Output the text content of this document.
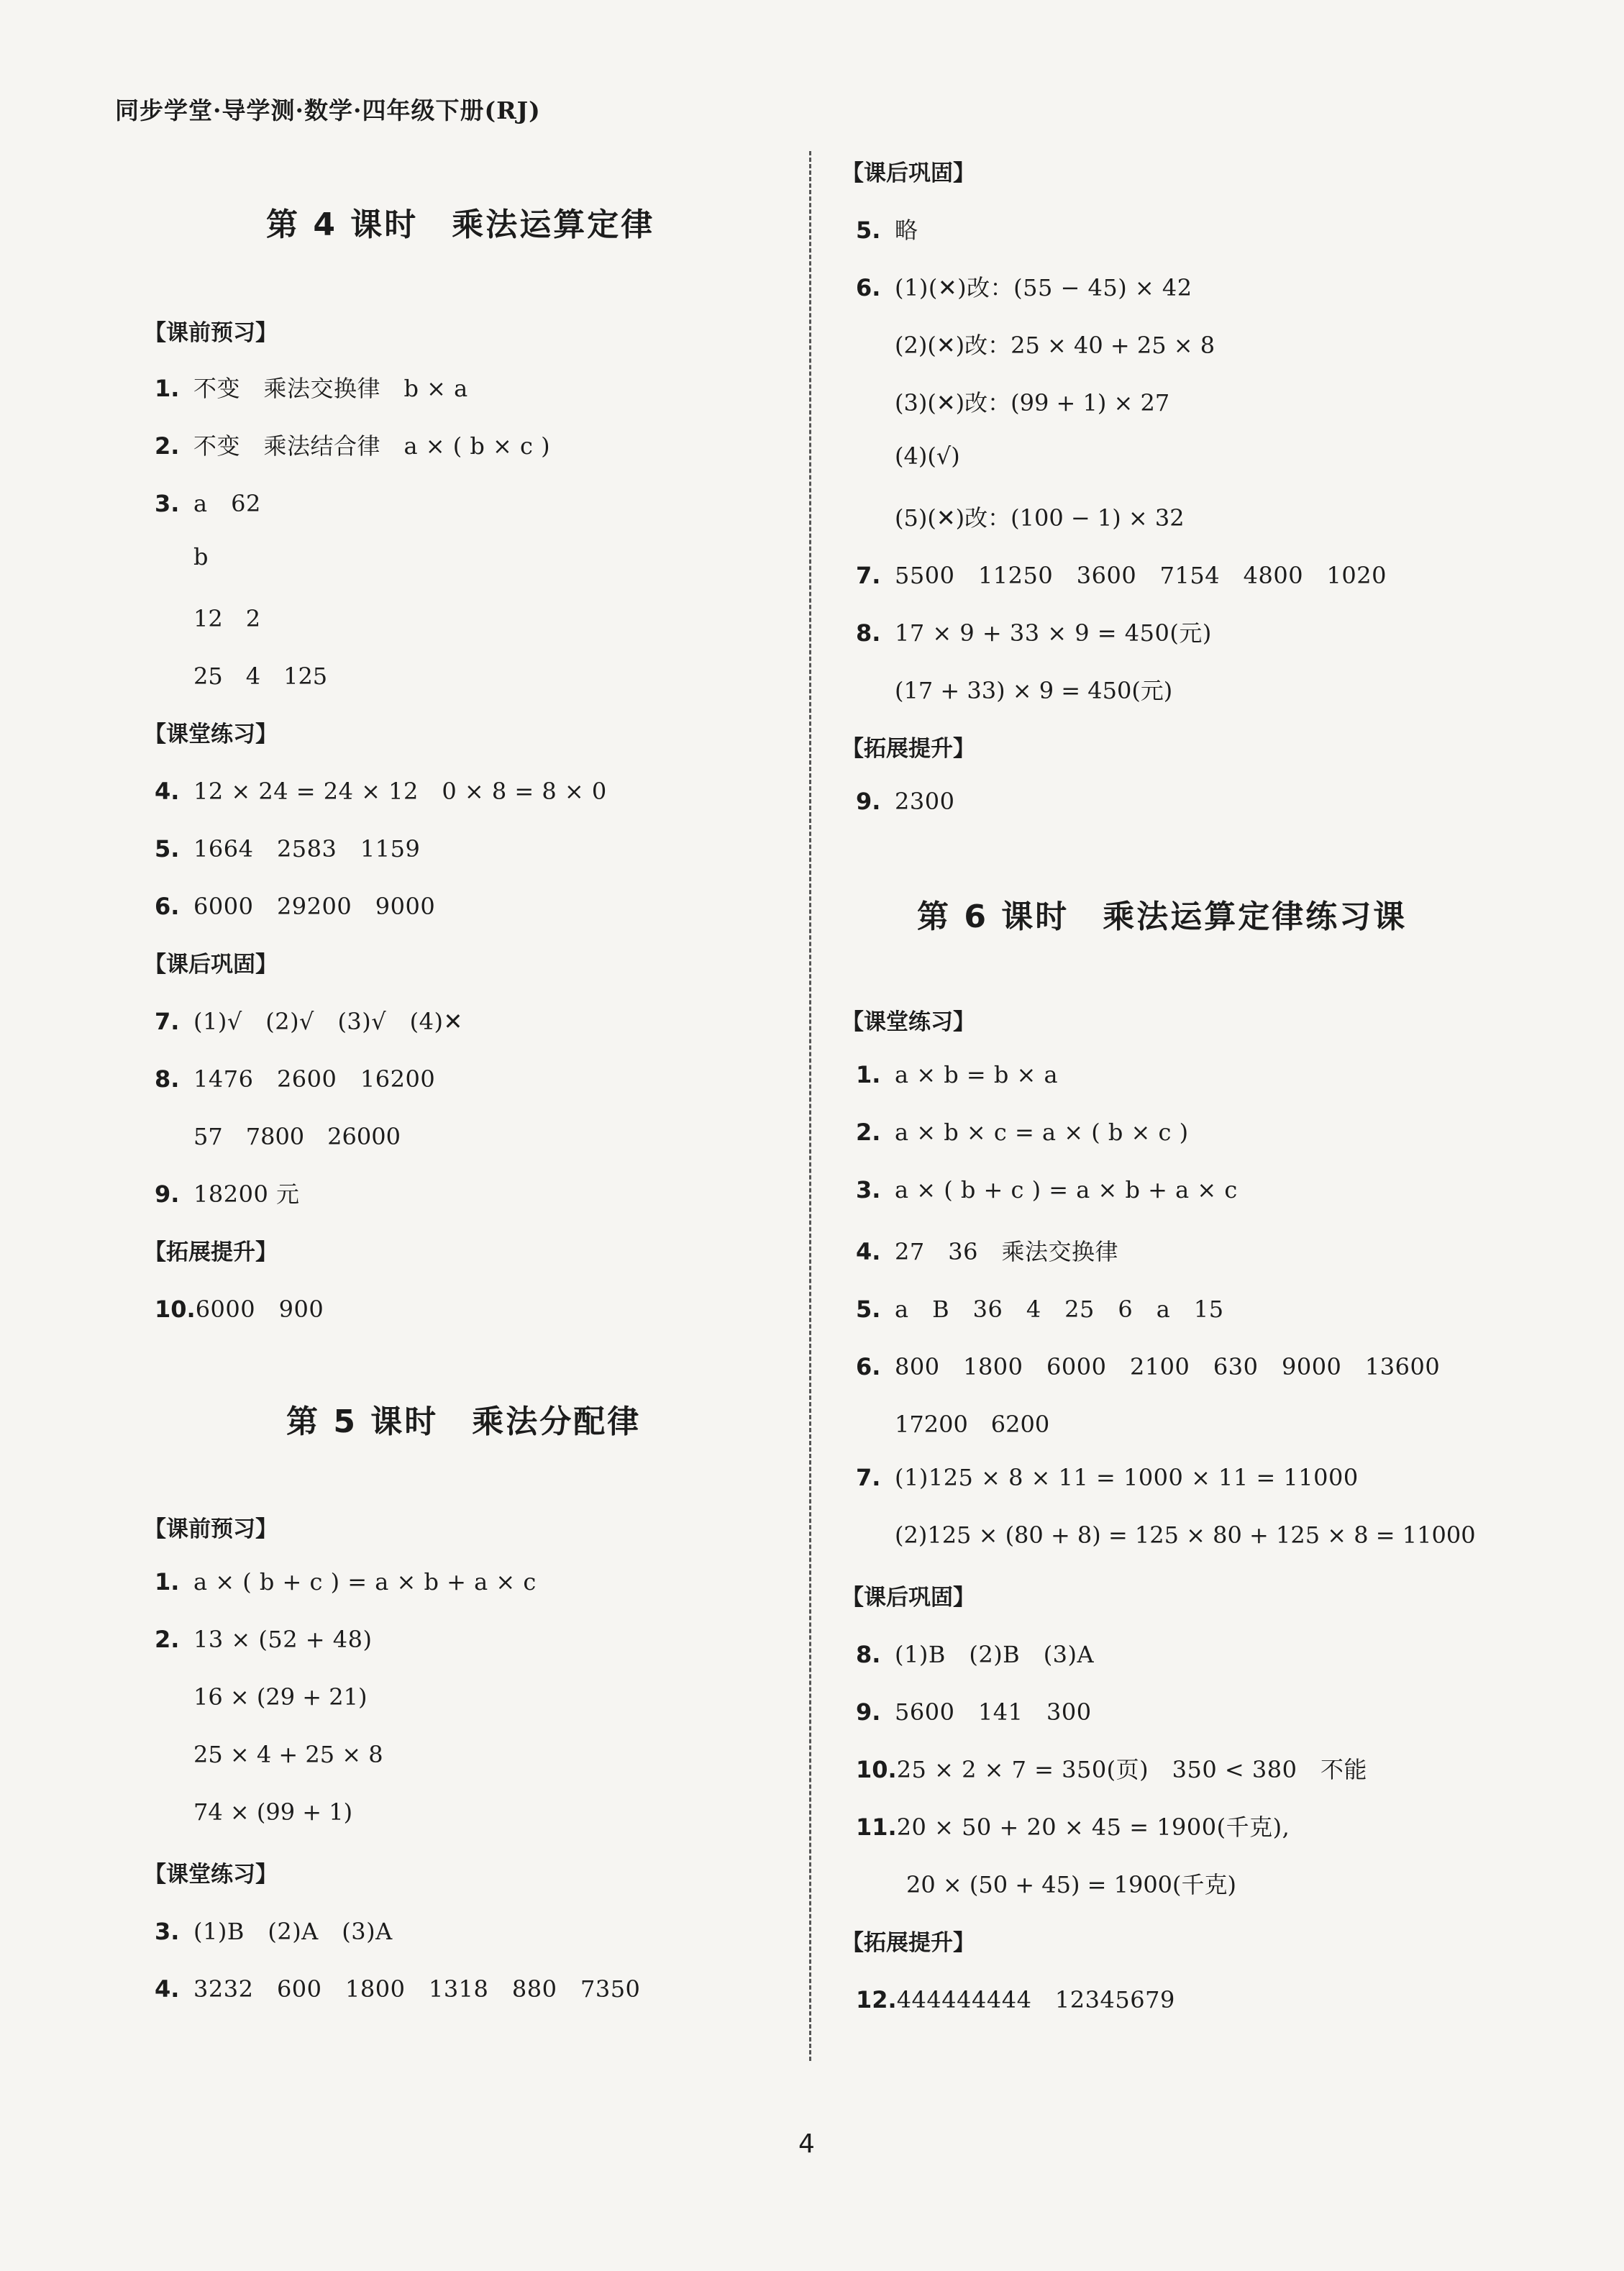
同步学堂·导学测·数学·四年级下册(RJ)
第 4 课时　乘法运算定律
【课前预习】
1. 不变　乘法交换律　b × a
2. 不变　乘法结合律　a × ( b × c )
3. a　62
b
12　2
25　4　125
【课堂练习】
4. 12 × 24 = 24 × 12　0 × 8 = 8 × 0
5. 1664　2583　1159
6. 6000　29200　9000
【课后巩固】
7. (1)√　(2)√　(3)√　(4)✕
8. 1476　2600　16200
57　7800　26000
9. 18200 元
【拓展提升】
10.6000　900
第 5 课时　乘法分配律
【课前预习】
1. a × ( b + c ) = a × b + a × c
2. 13 × (52 + 48)
16 × (29 + 21)
25 × 4 + 25 × 8
74 × (99 + 1)
【课堂练习】
3. (1)B　(2)A　(3)A
4. 3232　600　1800　1318　880　7350
【课后巩固】
5. 略
6. (1)(✕)改：(55 − 45) × 42
(2)(✕)改：25 × 40 + 25 × 8
(3)(✕)改：(99 + 1) × 27
(4)(√)
(5)(✕)改：(100 − 1) × 32
7. 5500　11250　3600　7154　4800　1020
8. 17 × 9 + 33 × 9 = 450(元)
(17 + 33) × 9 = 450(元)
【拓展提升】
9. 2300
第 6 课时　乘法运算定律练习课
【课堂练习】
1. a × b = b × a
2. a × b × c = a × ( b × c )
3. a × ( b + c ) = a × b + a × c
4. 27　36　乘法交换律
5. a　B　36　4　25　6　a　15
6. 800　1800　6000　2100　630　9000　13600
17200　6200
7. (1)125 × 8 × 11 = 1000 × 11 = 11000
(2)125 × (80 + 8) = 125 × 80 + 125 × 8 = 11000
【课后巩固】
8. (1)B　(2)B　(3)A
9. 5600　141　300
10.25 × 2 × 7 = 350(页)　350 < 380　不能
11.20 × 50 + 20 × 45 = 1900(千克),
20 × (50 + 45) = 1900(千克)
【拓展提升】
12.444444444　12345679
4
